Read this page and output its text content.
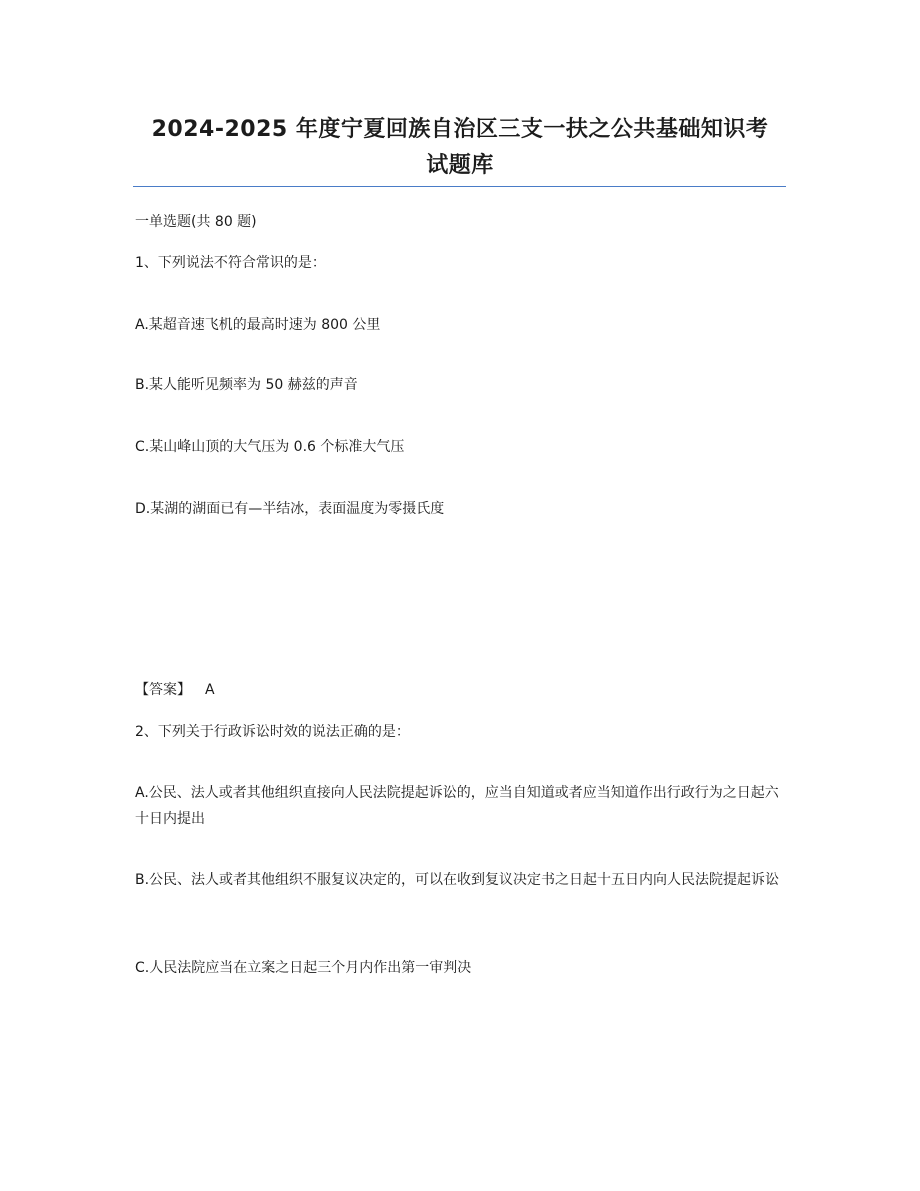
2024-2025 年度宁夏回族自治区三支一扶之公共基础知识考
试题库
一单选题(共 80 题)
1、下列说法不符合常识的是：
A.某超音速飞机的最高时速为 800 公里
B.某人能听见频率为 50 赫兹的声音
C.某山峰山顶的大气压为 0.6 个标准大气压
D.某湖的湖面已有—半结冰，表面温度为零摄氏度
【答案】 A
2、下列关于行政诉讼时效的说法正确的是：
A.公民、法人或者其他组织直接向人民法院提起诉讼的，应当自知道或者应当知道作出行政行为之日起六十日内提出
B.公民、法人或者其他组织不服复议决定的，可以在收到复议决定书之日起十五日内向人民法院提起诉讼
C.人民法院应当在立案之日起三个月内作出第一审判决
